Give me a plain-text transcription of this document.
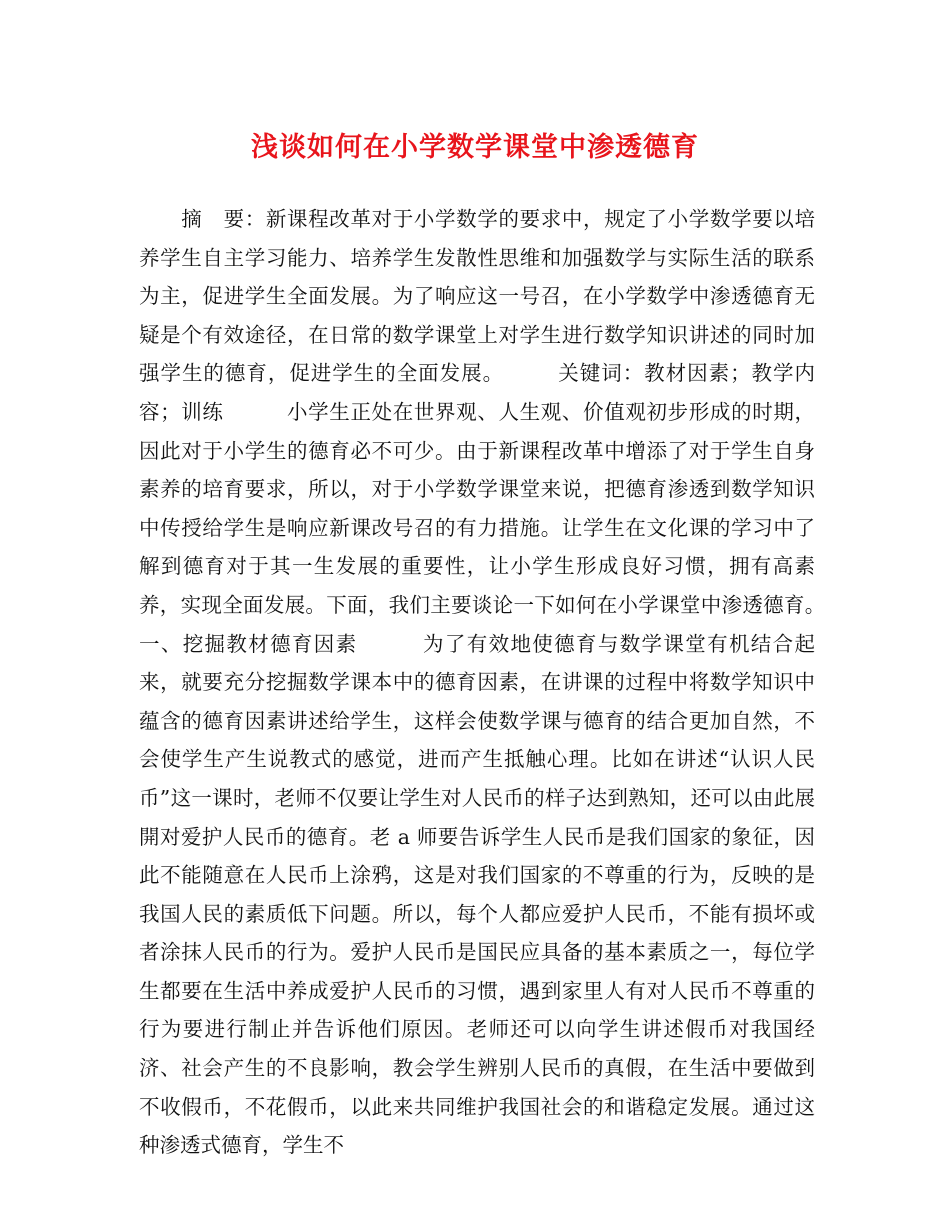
浅谈如何在小学数学课堂中渗透德育

　　摘　要：新课程改革对于小学数学的要求中，规定了小学数学要以培养学生自主学习能力、培养学生发散性思维和加强数学与实际生活的联系为主，促进学生全面发展。为了响应这一号召，在小学数学中渗透德育无疑是个有效途径，在日常的数学课堂上对学生进行数学知识讲述的同时加强学生的德育，促进学生的全面发展。　　　关键词：教材因素；教学内容；训练　　　小学生正处在世界观、人生观、价值观初步形成的时期，因此对于小学生的德育必不可少。由于新课程改革中增添了对于学生自身素养的培育要求，所以，对于小学数学课堂来说，把德育渗透到数学知识中传授给学生是响应新课改号召的有力措施。让学生在文化课的学习中了解到德育对于其一生发展的重要性，让小学生形成良好习惯，拥有高素养，实现全面发展。下面，我们主要谈论一下如何在小学课堂中渗透德育。　　　一、挖掘教材德育因素　　　为了有效地使德育与数学课堂有机结合起来，就要充分挖掘数学课本中的德育因素，在讲课的过程中将数学知识中蕴含的德育因素讲述给学生，这样会使数学课与德育的结合更加自然，不会使学生产生说教式的感觉，进而产生抵触心理。比如在讲述“认识人民币”这一课时，老师不仅要让学生对人民币的样子达到熟知，还可以由此展開对爱护人民币的德育。老 a 师要告诉学生人民币是我们国家的象征，因此不能随意在人民币上涂鸦，这是对我们国家的不尊重的行为，反映的是我国人民的素质低下问题。所以，每个人都应爱护人民币，不能有损坏或者涂抹人民币的行为。爱护人民币是国民应具备的基本素质之一，每位学生都要在生活中养成爱护人民币的习惯，遇到家里人有对人民币不尊重的行为要进行制止并告诉他们原因。老师还可以向学生讲述假币对我国经济、社会产生的不良影响，教会学生辨别人民币的真假，在生活中要做到不收假币，不花假币，以此来共同维护我国社会的和谐稳定发展。通过这种渗透式德育，学生不
